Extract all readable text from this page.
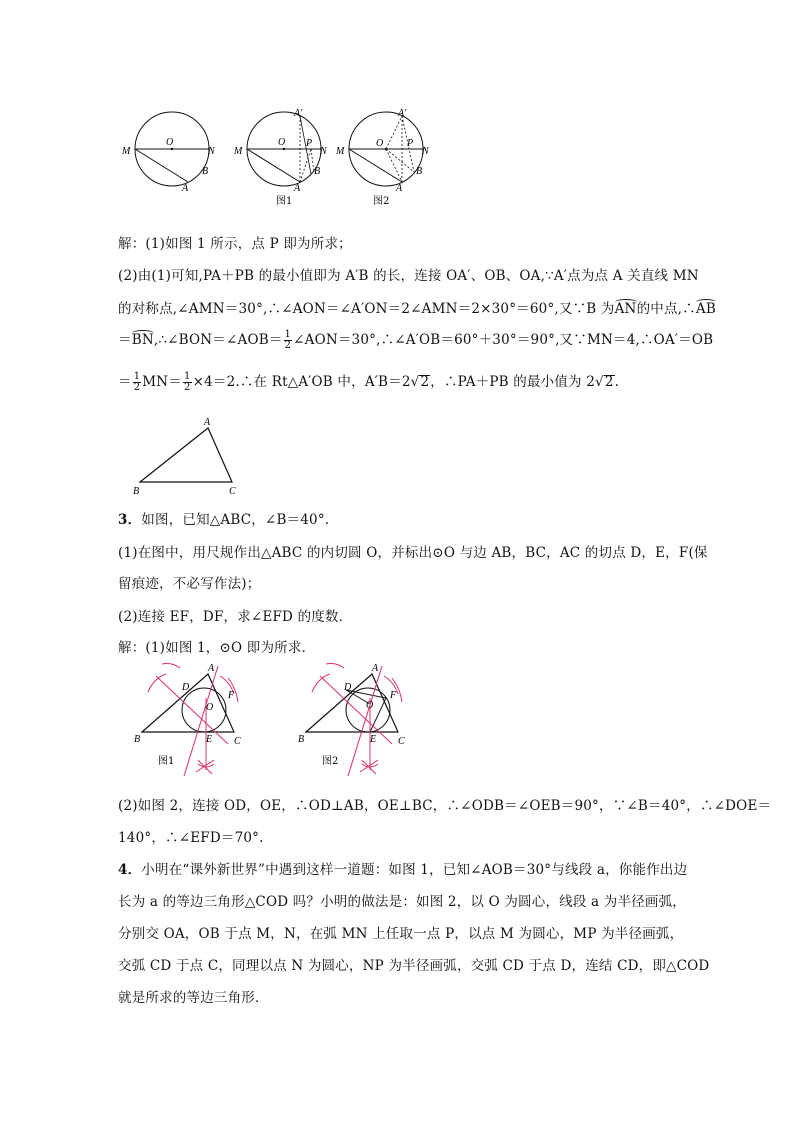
M
O
N
A
B
M
O
N
A′
P
A
B
图1
M
O
N
A′
P
A
B
图2
解：(1)如图 1 所示，点 P 即为所求；
(2)由(1)可知,PA＋PB 的最小值即为 A′B 的长，连接 OA′、OB、OA,∵A′点为点 A 关直线 MN
的对称点,∠AMN＝30°,∴∠AON＝∠A′ON＝2∠AMN＝2×30°＝60°,又∵B 为AN的中点,∴AB
＝BN,∴∠BON＝∠AOB＝ $\frac{1}{2}$ ∠AON＝30°,∴∠A′OB＝60°＋30°＝90°,又∵MN＝4,∴OA′＝OB
＝ $\frac{1}{2} MN= \frac{1}{2}$ ×4＝2.∴在 Rt△A′OB 中，A′B＝2√2，∴PA＋PB 的最小值为 2√2.
A
B	C
3．如图，已知△ABC，∠B＝40°.
(1)在图中，用尺规作出△ABC 的内切圆 O，并标出⊙O 与边 AB，BC，AC 的切点 D，E，F(保
留痕迹，不必写作法)；
(2)连接 EF，DF，求∠EFD 的度数．
解：(1)如图 1，⊙O 即为所求．
A
B	C
D
F
O
E
图1
A
B	C
D
F
O
E
图2
(2)如图 2，连接 OD，OE，∴OD⊥AB，OE⊥BC，∴∠ODB＝∠OEB＝90°，∵∠B＝40°，∴∠DOE＝
140°，∴∠EFD＝70°.
4．小明在“课外新世界”中遇到这样一道题：如图 1，已知∠AOB＝30°与线段 a，你能作出边
长为 a 的等边三角形△COD 吗？小明的做法是：如图 2，以 O 为圆心，线段 a 为半径画弧，
分别交 OA，OB 于点 M，N，在弧 MN 上任取一点 P，以点 M 为圆心，MP 为半径画弧，
交弧 CD 于点 C，同理以点 N 为圆心，NP 为半径画弧，交弧 CD 于点 D，连结 CD，即△COD
就是所求的等边三角形．
